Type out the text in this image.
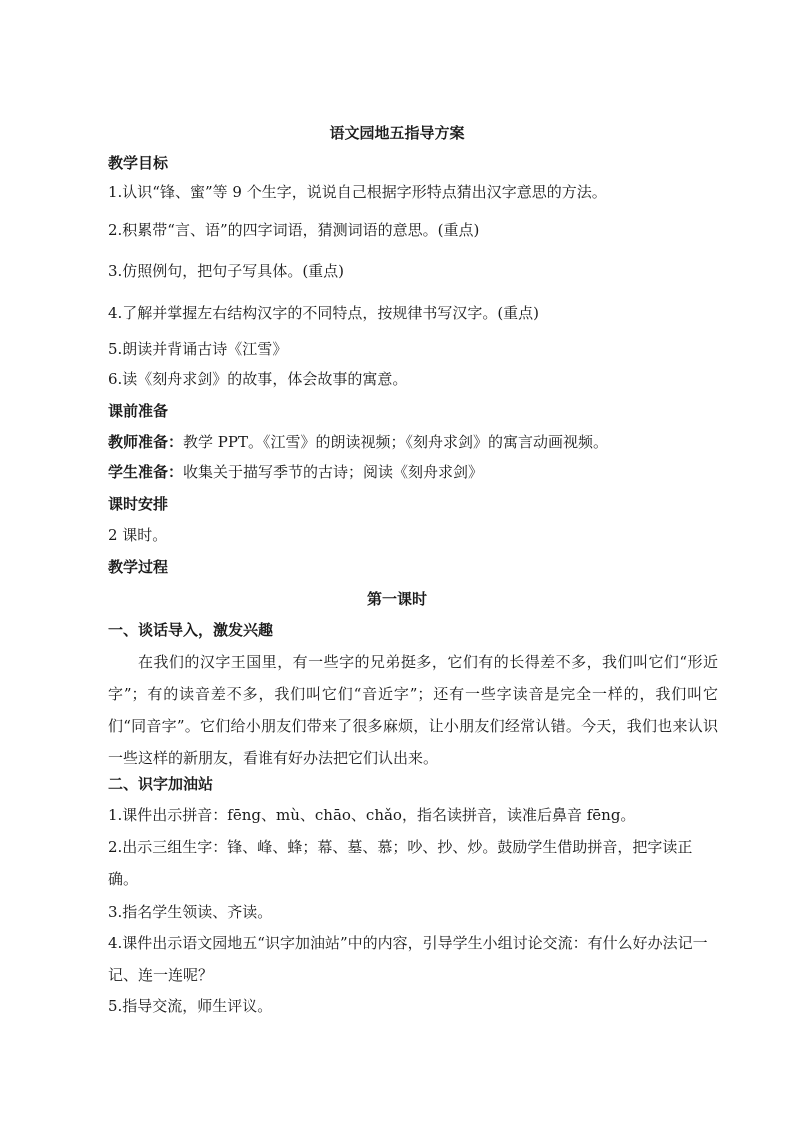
语文园地五指导方案

教学目标

1.认识“锋、蜜”等 9 个生字，说说自己根据字形特点猜出汉字意思的方法。

2.积累带“言、语”的四字词语，猜测词语的意思。(重点)

3.仿照例句，把句子写具体。(重点)

4.了解并掌握左右结构汉字的不同特点，按规律书写汉字。(重点)

5.朗读并背诵古诗《江雪》

6.读《刻舟求剑》的故事，体会故事的寓意。

课前准备

教师准备：教学 PPT。《江雪》的朗读视频；《刻舟求剑》的寓言动画视频。

学生准备：收集关于描写季节的古诗；阅读《刻舟求剑》

课时安排

2 课时。

教学过程

第一课时

一、谈话导入，激发兴趣

在我们的汉字王国里，有一些字的兄弟挺多，它们有的长得差不多，我们叫它们“形近字”；有的读音差不多，我们叫它们“音近字”；还有一些字读音是完全一样的，我们叫它们“同音字”。它们给小朋友们带来了很多麻烦，让小朋友们经常认错。今天，我们也来认识一些这样的新朋友，看谁有好办法把它们认出来。

二、识字加油站

1.课件出示拼音：fēng、mù、chāo、chǎo，指名读拼音，读准后鼻音 fēng。

2.出示三组生字：锋、峰、蜂；幕、墓、慕；吵、抄、炒。鼓励学生借助拼音，把字读正确。

3.指名学生领读、齐读。

4.课件出示语文园地五“识字加油站”中的内容，引导学生小组讨论交流：有什么好办法记一记、连一连呢？

5.指导交流，师生评议。
